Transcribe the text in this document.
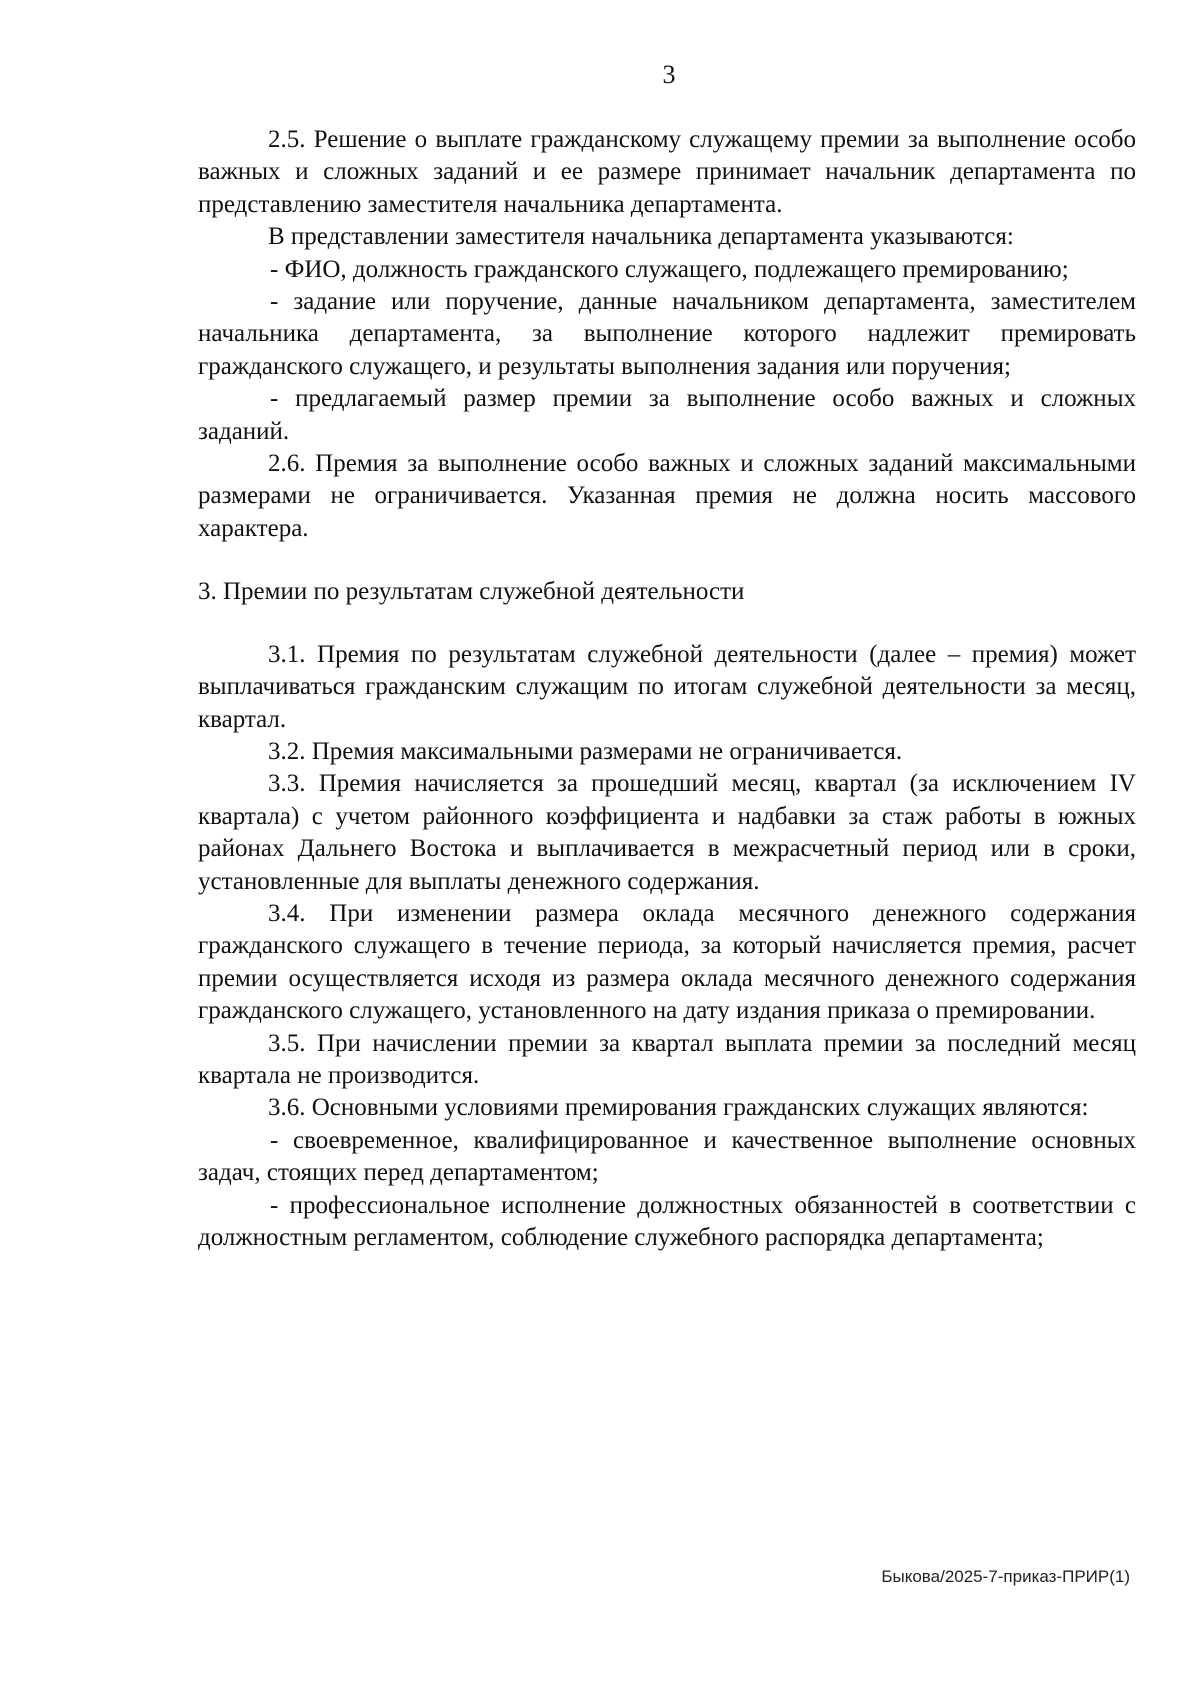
3

2.5. Решение о выплате гражданскому служащему премии за выполнение особо важных и сложных заданий и ее размере принимает начальник департамента по представлению заместителя начальника департамента.

В представлении заместителя начальника департамента указываются:

- ФИО, должность гражданского служащего, подлежащего премированию;

- задание или поручение, данные начальником департамента, заместителем начальника департамента, за выполнение которого надлежит премировать гражданского служащего, и результаты выполнения задания или поручения;

- предлагаемый размер премии за выполнение особо важных и сложных заданий.

2.6. Премия за выполнение особо важных и сложных заданий максимальными размерами не ограничивается. Указанная премия не должна носить массового характера.

3. Премии по результатам служебной деятельности

3.1. Премия по результатам служебной деятельности (далее – премия) может выплачиваться гражданским служащим по итогам служебной деятельности за месяц, квартал.

3.2. Премия максимальными размерами не ограничивается.

3.3. Премия начисляется за прошедший месяц, квартал (за исключением IV квартала) с учетом районного коэффициента и надбавки за стаж работы в южных районах Дальнего Востока и выплачивается в межрасчетный период или в сроки, установленные для выплаты денежного содержания.

3.4. При изменении размера оклада месячного денежного содержания гражданского служащего в течение периода, за который начисляется премия, расчет премии осуществляется исходя из размера оклада месячного денежного содержания гражданского служащего, установленного на дату издания приказа о премировании.

3.5. При начислении премии за квартал выплата премии за последний месяц квартала не производится.

3.6. Основными условиями премирования гражданских служащих являются:

- своевременное, квалифицированное и качественное выполнение основных задач, стоящих перед департаментом;

- профессиональное исполнение должностных обязанностей в соответствии с должностным регламентом, соблюдение служебного распорядка департамента;

Быкова/2025-7-приказ-ПРИР(1)
